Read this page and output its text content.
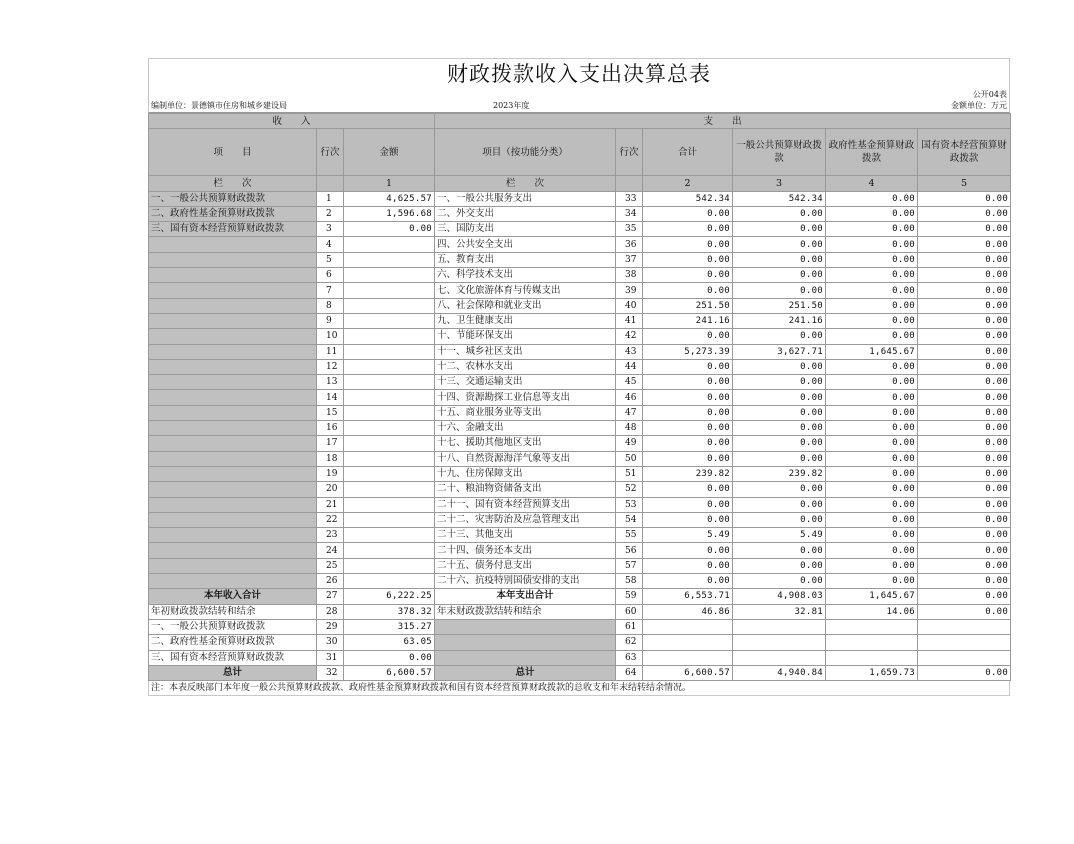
财政拨款收入支出决算总表
公开04表
编制单位：景德镇市住房和城乡建设局	2023年度	金额单位：万元
收　　入			支　　出					
项　　目	行次	金额	项目（按功能分类）	行次	合计	一般公共预算财政拨款	政府性基金预算财政拨款	国有资本经营预算财政拨款
栏　　次		1	栏　　次		2	3	4	5
一、一般公共预算财政拨款	1	4,625.57	一、一般公共服务支出	33	542.34	542.34	0.00	0.00
二、政府性基金预算财政拨款	2	1,596.68	二、外交支出	34	0.00	0.00	0.00	0.00
三、国有资本经营预算财政拨款	3	0.00	三、国防支出	35	0.00	0.00	0.00	0.00
	4		四、公共安全支出	36	0.00	0.00	0.00	0.00
	5		五、教育支出	37	0.00	0.00	0.00	0.00
	6		六、科学技术支出	38	0.00	0.00	0.00	0.00
	7		七、文化旅游体育与传媒支出	39	0.00	0.00	0.00	0.00
	8		八、社会保障和就业支出	40	251.50	251.50	0.00	0.00
	9		九、卫生健康支出	41	241.16	241.16	0.00	0.00
	10		十、节能环保支出	42	0.00	0.00	0.00	0.00
	11		十一、城乡社区支出	43	5,273.39	3,627.71	1,645.67	0.00
	12		十二、农林水支出	44	0.00	0.00	0.00	0.00
	13		十三、交通运输支出	45	0.00	0.00	0.00	0.00
	14		十四、资源勘探工业信息等支出	46	0.00	0.00	0.00	0.00
	15		十五、商业服务业等支出	47	0.00	0.00	0.00	0.00
	16		十六、金融支出	48	0.00	0.00	0.00	0.00
	17		十七、援助其他地区支出	49	0.00	0.00	0.00	0.00
	18		十八、自然资源海洋气象等支出	50	0.00	0.00	0.00	0.00
	19		十九、住房保障支出	51	239.82	239.82	0.00	0.00
	20		二十、粮油物资储备支出	52	0.00	0.00	0.00	0.00
	21		二十一、国有资本经营预算支出	53	0.00	0.00	0.00	0.00
	22		二十二、灾害防治及应急管理支出	54	0.00	0.00	0.00	0.00
	23		二十三、其他支出	55	5.49	5.49	0.00	0.00
	24		二十四、债务还本支出	56	0.00	0.00	0.00	0.00
	25		二十五、债务付息支出	57	0.00	0.00	0.00	0.00
	26		二十六、抗疫特别国债安排的支出	58	0.00	0.00	0.00	0.00
本年收入合计	27	6,222.25	本年支出合计	59	6,553.71	4,908.03	1,645.67	0.00
年初财政拨款结转和结余	28	378.32	年末财政拨款结转和结余	60	46.86	32.81	14.06	0.00
一、一般公共预算财政拨款	29	315.27		61				
二、政府性基金预算财政拨款	30	63.05		62				
三、国有资本经营预算财政拨款	31	0.00		63				
总计	32	6,600.57	总计	64	6,600.57	4,940.84	1,659.73	0.00
注：本表反映部门本年度一般公共预算财政拨款、政府性基金预算财政拨款和国有资本经营预算财政拨款的总收支和年末结转结余情况。
